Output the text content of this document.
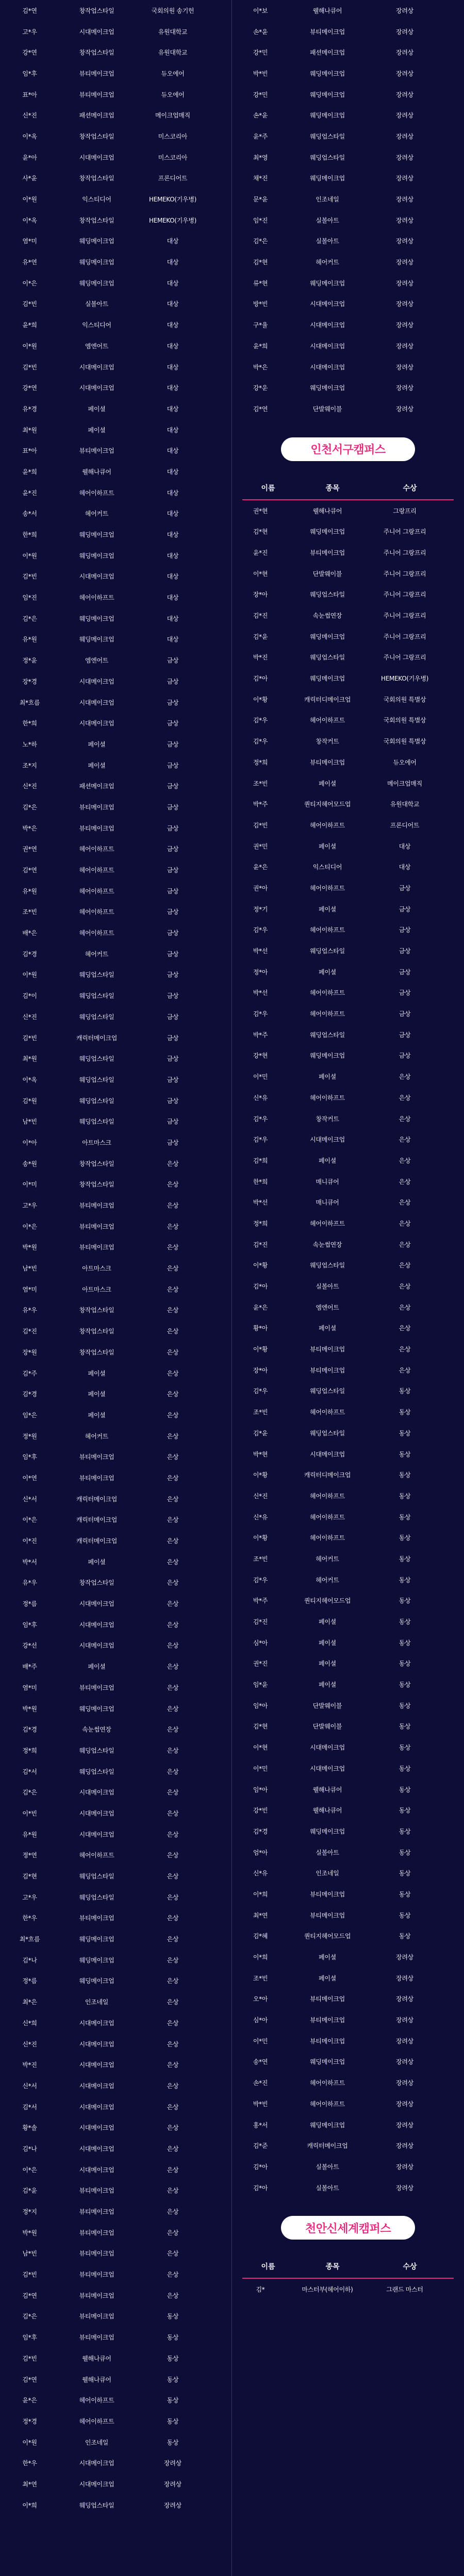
김*연	창작업스타일	국회의원 송기헌
고*우	시대메이크업	유원대학교
강*연	창작업스타일	유원대학교
임*후	뷰티메이크업	듀오에어
표*아	뷰티메이크업	듀오에어
신*진	패션메이크업	메이크업매직
이*옥	창작업스타일	미스코리아
윤*아	시대메이크업	미스코리아
사*윤	창작업스타일	프론디어트
이*원	익스티디어	HEMEKO(기우병)
이*옥	창작업스타일	HEMEKO(기우병)
염*미	웨딩메이크업	대상
유*연	웨딩메이크업	대상
이*은	웨딩메이크업	대상
김*빈	실볼아트	대상
윤*희	익스티디어	대상
이*원	엠엔어트	대상
김*빈	시대메이크업	대상
강*연	시대메이크업	대상
유*경	페이셜	대상
최*원	페이셜	대상
표*아	뷰티메이크업	대상
윤*희	웰해나큐어	대상
윤*진	헤어이하프트	대상
송*서	헤어커트	대상
한*희	웨딩메이크업	대상
이*원	웨딩메이크업	대상
김*빈	시대메이크업	대상
임*진	헤어이하프트	대상
김*은	웨딩메이크업	대상
유*원	웨딩메이크업	대상
정*윤	엠엔어트	금상
장*경	시대메이크업	금상
최*흐름	시대메이크업	금상
한*희	시대메이크업	금상
노*하	페이셜	금상
조*지	페이셜	금상
신*진	패션메이크업	금상
김*은	뷰티메이크업	금상
박*은	뷰티메이크업	금상
권*연	헤어이하프트	금상
김*연	헤어이하프트	금상
유*원	헤어이하프트	금상
조*빈	헤어이하프트	금상
배*은	헤어이하프트	금상
김*경	헤어커트	금상
이*원	웨딩업스타일	금상
김*이	웨딩업스타일	금상
신*진	웨딩업스타일	금상
김*빈	캐릭터메이크업	금상
최*원	웨딩업스타일	금상
이*옥	웨딩업스타일	금상
김*원	웨딩업스타일	금상
남*빈	웨딩업스타일	금상
이*아	아트마스크	금상
송*원	창작업스타일	은상
이*미	창작업스타일	은상
고*우	뷰티메이크업	은상
이*은	뷰티메이크업	은상
박*원	뷰티메이크업	은상
남*빈	아트마스크	은상
염*미	아트마스크	은상
유*우	창작업스타일	은상
김*진	창작업스타일	은상
장*원	창작업스타일	은상
김*주	페이셜	은상
김*경	페이셜	은상
임*은	페이셜	은상
정*원	헤어커트	은상
임*후	뷰티메이크업	은상
이*연	뷰티메이크업	은상
신*서	캐릭터메이크업	은상
이*은	캐릭터메이크업	은상
이*진	캐릭터메이크업	은상
박*서	페이셜	은상
유*우	창작업스타일	은상
정*름	시대메이크업	은상
임*후	시대메이크업	은상
강*선	시대메이크업	은상
배*주	페이셜	은상
염*미	뷰티메이크업	은상
박*원	웨딩메이크업	은상
김*경	속눈썹연장	은상
정*희	웨딩업스타일	은상
김*서	웨딩업스타일	은상
김*은	시대메이크업	은상
이*빈	시대메이크업	은상
유*원	시대메이크업	은상
정*연	헤어이하프트	은상
김*현	웨딩업스타일	은상
고*우	웨딩업스타일	은상
한*우	뷰티메이크업	은상
최*흐름	웨딩메이크업	은상
김*나	웨딩메이크업	은상
정*름	웨딩메이크업	은상
최*은	인조네일	은상
신*희	시대메이크업	은상
신*진	시대메이크업	은상
박*진	시대메이크업	은상
신*서	시대메이크업	은상
김*서	시대메이크업	은상
황*솔	시대메이크업	은상
김*나	시대메이크업	은상
이*은	시대메이크업	은상
김*윤	뷰티메이크업	은상
정*지	뷰티메이크업	은상
박*원	뷰티메이크업	은상
남*빈	뷰티메이크업	은상
김*빈	뷰티메이크업	은상
김*연	뷰티메이크업	은상
김*은	뷰티메이크업	동상
임*후	뷰티메이크업	동상
김*빈	웰해나큐어	동상
김*연	웰해나큐어	동상
윤*은	헤어이하프트	동상
정*경	헤어이하프트	동상
이*원	인조네일	동상
한*우	시대메이크업	장려상
최*연	시대메이크업	장려상
이*희	웨딩업스타일	장려상
이*보	웰해나큐어	장려상
손*윤	뷰티메이크업	장려상
강*민	패션메이크업	장려상
박*빈	웨딩메이크업	장려상
강*민	웨딩메이크업	장려상
손*윤	웨딩메이크업	장려상
윤*주	웨딩업스타일	장려상
최*영	웨딩업스타일	장려상
채*진	웨딩메이크업	장려상
문*윤	인조네일	장려상
임*진	실볼아트	장려상
김*은	실볼아트	장려상
김*현	헤어커트	장려상
류*현	웨딩메이크업	장려상
방*빈	시대메이크업	장려상
구*율	시대메이크업	장려상
윤*희	시대메이크업	장려상
박*은	시대메이크업	장려상
강*운	웨딩메이크업	장려상
김*연	단발웨이블	장려상
인천서구캠퍼스
이름	종목	수상
권*현	웰해나큐어	그랑프리
김*현	웨딩메이크업	주니어 그랑프리
윤*진	뷰티메이크업	주니어 그랑프리
이*현	단발웨이블	주니어 그랑프리
장*아	웨딩업스타일	주니어 그랑프리
김*진	속눈썹연장	주니어 그랑프리
김*윤	웨딩메이크업	주니어 그랑프리
박*진	웨딩업스타일	주니어 그랑프리
김*아	웨딩메이크업	HEMEKO(기우병)
이*황	캐릭터디메이크업	국회의원 특별상
김*우	헤어이하프트	국회의원 특별상
김*우	창작커트	국회의원 특별상
정*희	뷰티메이크업	듀오에어
조*빈	페이셜	메이크업매직
박*주	퀀티지헤어모드업	유원대학교
김*빈	헤어이하프트	프론디어트
권*민	페이셜	대상
윤*은	익스티디어	대상
권*아	헤어이하프트	금상
정*기	페이셜	금상
김*우	헤어이하프트	금상
박*선	웨딩업스타일	금상
정*아	페이셜	금상
박*선	헤어이하프트	금상
김*우	헤어이하프트	금상
박*주	웨딩업스타일	금상
강*현	웨딩메이크업	금상
이*민	페이셜	은상
신*유	헤어이하프트	은상
김*우	창작커트	은상
김*우	시대메이크업	은상
김*희	페이셜	은상
한*희	매니큐어	은상
박*선	매니큐어	은상
정*희	헤어이하프트	은상
김*진	속눈썹연장	은상
이*황	웨딩업스타일	은상
김*아	실볼아트	은상
윤*은	엠엔어트	은상
황*아	페이셜	은상
이*황	뷰티메이크업	은상
장*아	뷰티메이크업	은상
김*우	웨딩업스타일	동상
조*빈	헤어이하프트	동상
김*윤	웨딩업스타일	동상
박*현	시대메이크업	동상
이*황	캐릭터디메이크업	동상
신*진	헤어이하프트	동상
신*유	헤어이하프트	동상
이*황	헤어이하프트	동상
조*빈	헤어커트	동상
김*우	헤어커트	동상
박*주	퀀티지헤어모드업	동상
김*진	페이셜	동상
심*아	페이셜	동상
권*진	페이셜	동상
임*윤	페이셜	동상
임*아	단발웨이블	동상
김*현	단발웨이블	동상
이*현	시대메이크업	동상
이*민	시대메이크업	동상
임*아	웰해나큐어	동상
강*빈	웰해나큐어	동상
김*경	웨딩메이크업	동상
엄*아	실볼아트	동상
신*유	인조네일	동상
이*희	뷰티메이크업	동상
최*연	뷰티메이크업	동상
김*혜	퀀티지헤어모드업	동상
이*희	페이셜	장려상
조*빈	페이셜	장려상
오*아	뷰티메이크업	장려상
심*아	뷰티메이크업	장려상
이*민	뷰티메이크업	장려상
송*연	웨딩메이크업	장려상
손*진	헤어이하프트	장려상
박*빈	헤어이하프트	장려상
홍*서	웨딩메이크업	장려상
김*준	캐릭터메이크업	장려상
김*아	실볼아트	장려상
김*아	실볼아트	장려상
천안신세계캠퍼스
이름	종목	수상
김*	마스터부(헤어이하)	그랜드 마스터
